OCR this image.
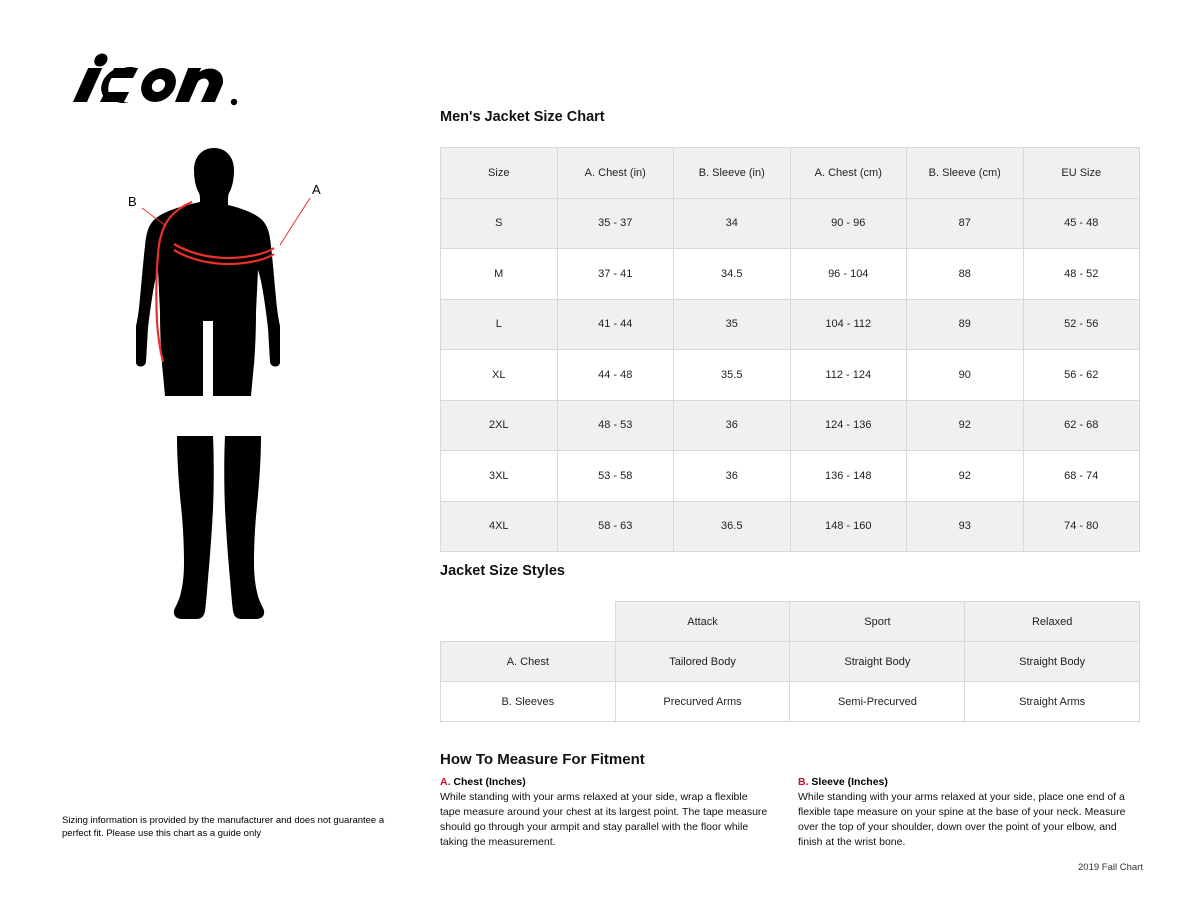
A
B
Sizing information is provided by the manufacturer and does not guarantee a perfect fit. Please use this chart as a guide only
Men's Jacket Size Chart
Size	A. Chest (in)	B. Sleeve (in)	A. Chest (cm)	B. Sleeve (cm)	EU Size
S	35 - 37	34	90 - 96	87	45 - 48
M	37 - 41	34.5	96 - 104	88	48 - 52
L	41 - 44	35	104 - 112	89	52 - 56
XL	44 - 48	35.5	112 - 124	90	56 - 62
2XL	48 - 53	36	124 - 136	92	62 - 68
3XL	53 - 58	36	136 - 148	92	68 - 74
4XL	58 - 63	36.5	148 - 160	93	74 - 80
Jacket Size Styles
	Attack	Sport	Relaxed
A. Chest	Tailored Body	Straight Body	Straight Body
B. Sleeves	Precurved Arms	Semi-Precurved	Straight Arms
How To Measure For Fitment
A. Chest (Inches)
While standing with your arms relaxed at your side, wrap a flexible tape measure around your chest at its largest point. The tape measure should go through your armpit and stay parallel with the floor while taking the measurement.
B. Sleeve (Inches)
While standing with your arms relaxed at your side, place one end of a flexible tape measure on your spine at the base of your neck. Measure over the top of your shoulder, down over the point of your elbow, and finish at the wrist bone.
2019 Fall Chart
